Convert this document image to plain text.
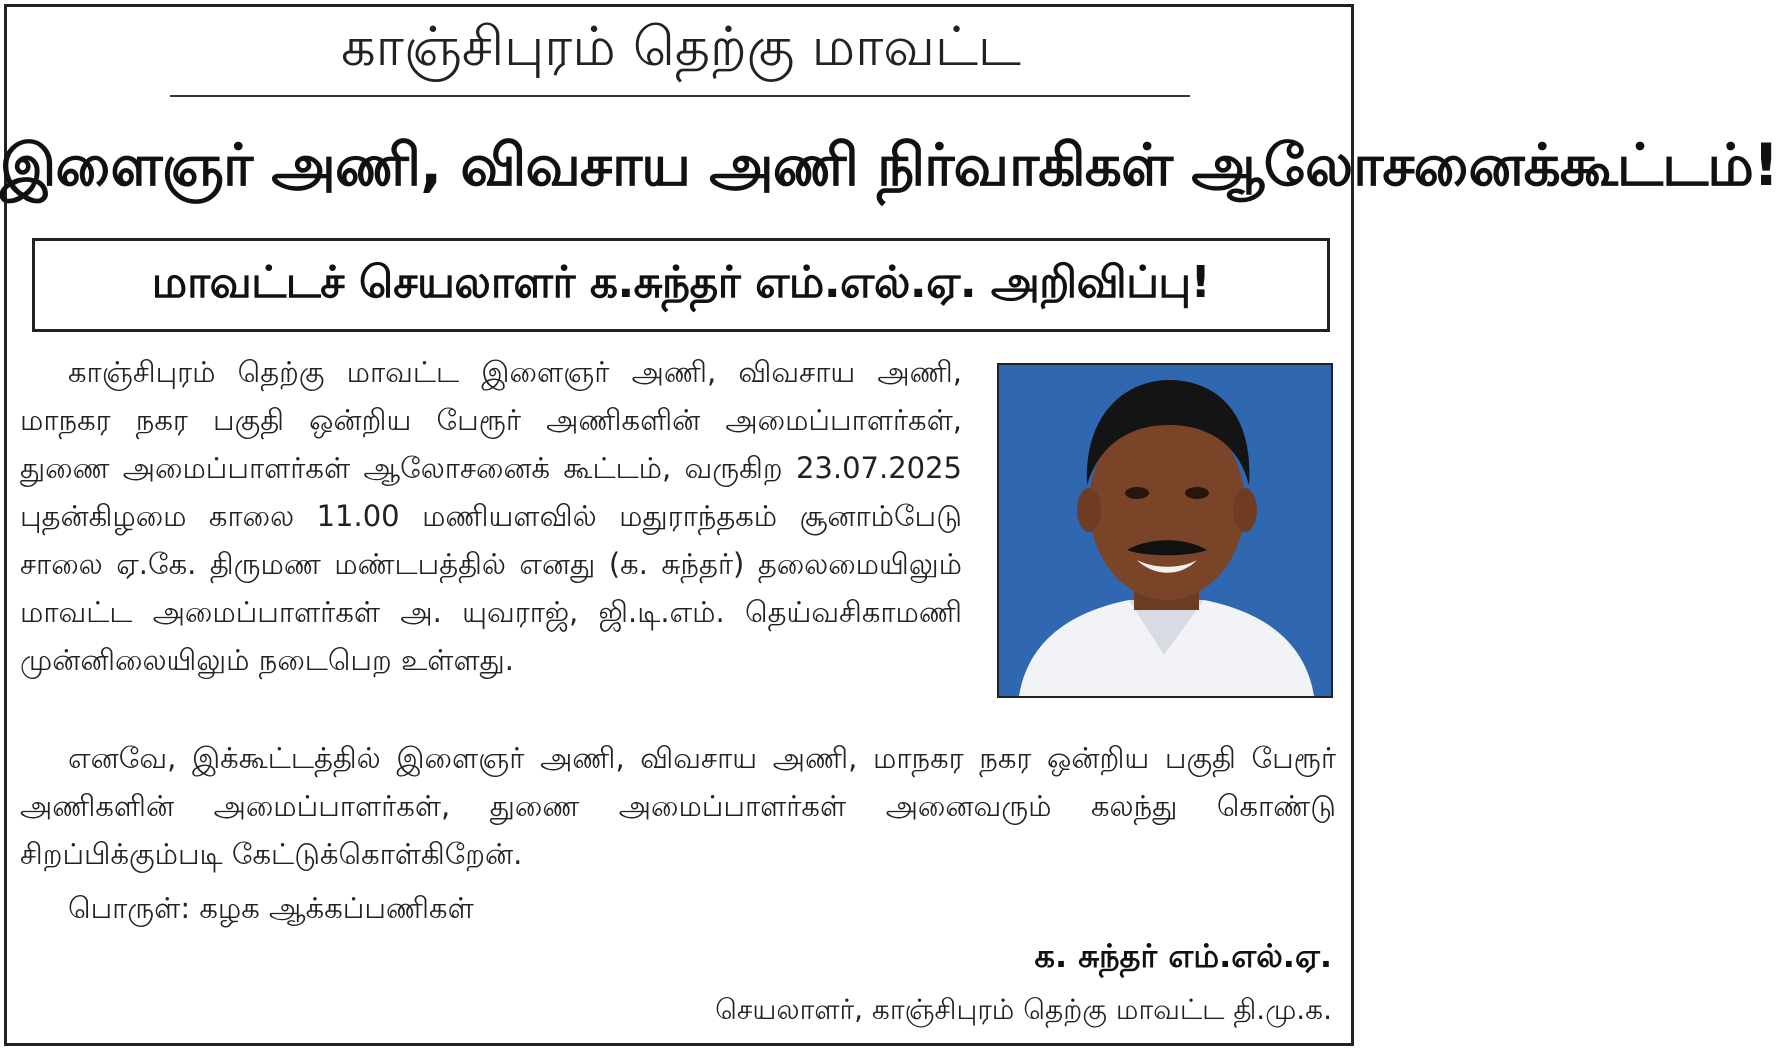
காஞ்சிபுரம் தெற்கு மாவட்ட
இளைஞர் அணி, விவசாய அணி நிர்வாகிகள் ஆலோசனைக்கூட்டம்!
மாவட்டச் செயலாளர் க.சுந்தர் எம்.எல்.ஏ. அறிவிப்பு!
காஞ்சிபுரம் தெற்கு மாவட்ட இளைஞர் அணி, விவசாய அணி, மாநகர நகர பகுதி ஒன்றிய பேரூர் அணிகளின் அமைப்பாளர்கள், துணை அமைப்பாளர்கள் ஆலோசனைக் கூட்டம், வருகிற 23.07.2025 புதன்கிழமை காலை 11.00 மணியளவில் மதுராந்தகம் சூனாம்பேடு சாலை ஏ.கே. திருமண மண்டபத்தில் எனது (க. சுந்தர்) தலைமையிலும் மாவட்ட அமைப்பாளர்கள் அ. யுவராஜ், ஜி.டி.எம். தெய்வசிகாமணி முன்னிலையிலும் நடைபெற உள்ளது.
எனவே, இக்கூட்டத்தில் இளைஞர் அணி, விவசாய அணி, மாநகர நகர ஒன்றிய பகுதி பேரூர் அணிகளின் அமைப்பாளர்கள், துணை அமைப்பாளர்கள் அனைவரும் கலந்து கொண்டு சிறப்பிக்கும்படி கேட்டுக்கொள்கிறேன்.
பொருள்: கழக ஆக்கப்பணிகள்
க. சுந்தர் எம்.எல்.ஏ.
செயலாளர், காஞ்சிபுரம் தெற்கு மாவட்ட தி.மு.க.
